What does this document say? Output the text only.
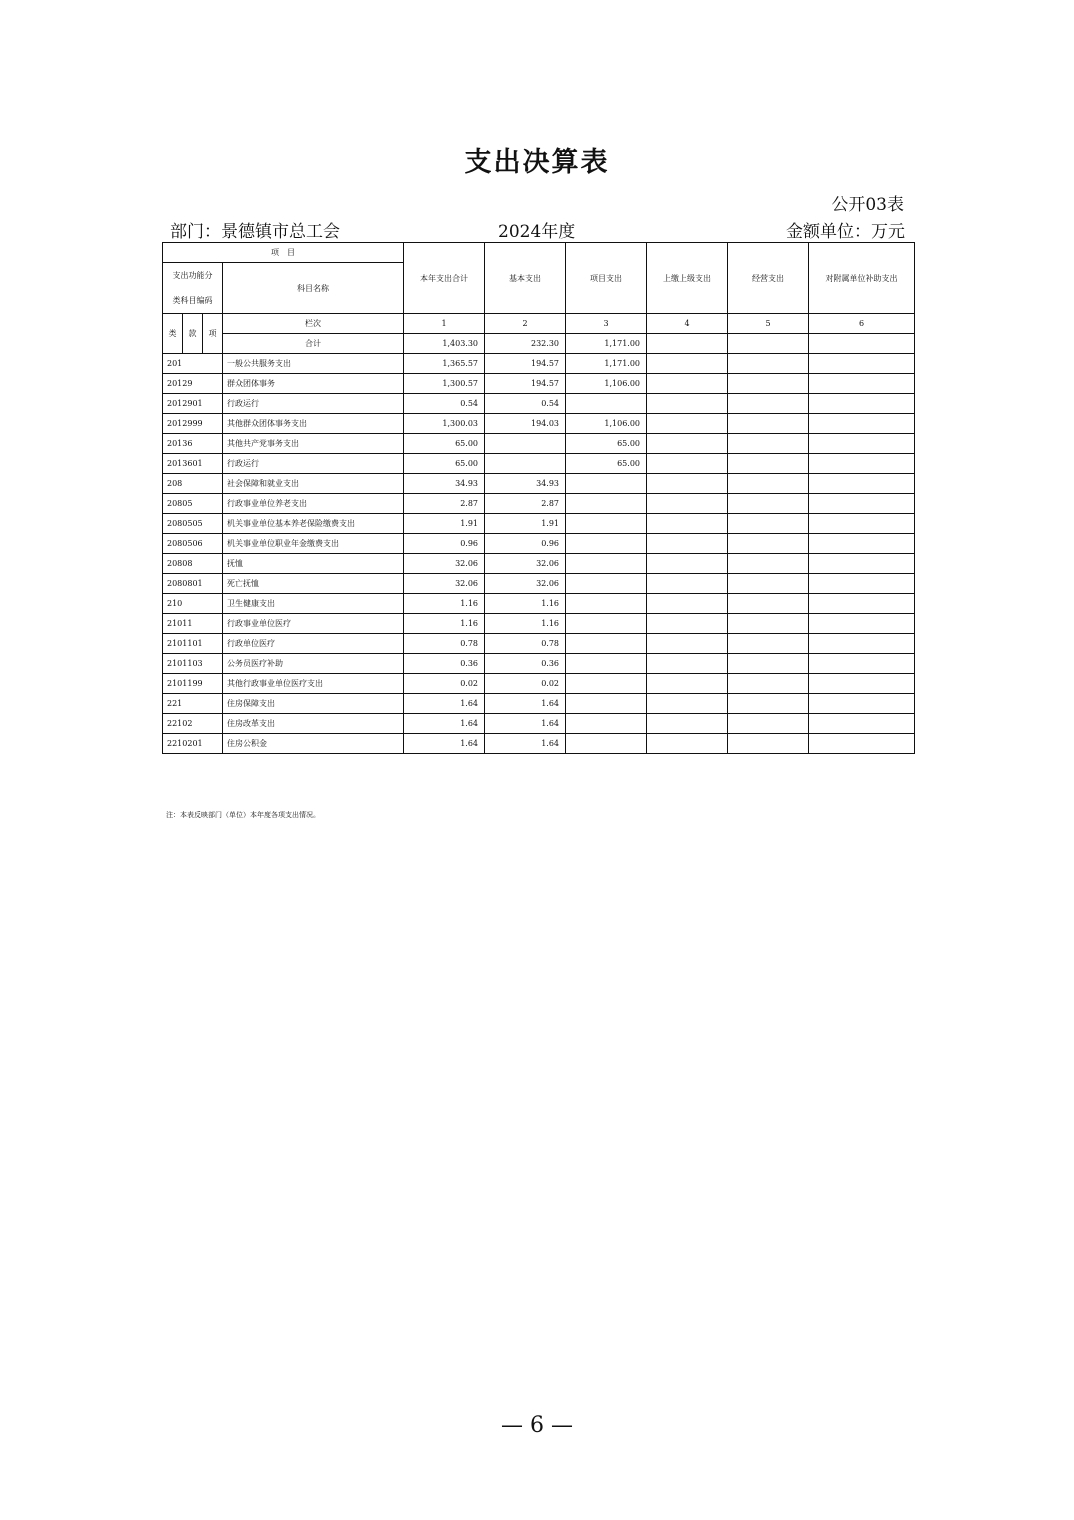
支出决算表
公开03表
部门：景德镇市总工会	2024年度	金额单位：万元
项　目				本年支出合计	基本支出	项目支出	上缴上级支出	经营支出	对附属单位补助支出

支出功能分
类科目编码			科目名称						
类	款	项	栏次	1	2	3	4	5	6
			合计	1,403.30	232.30	1,171.00			
201			一般公共服务支出	1,365.57	194.57	1,171.00			
20129			群众团体事务	1,300.57	194.57	1,106.00			
2012901			行政运行	0.54	0.54				
2012999			其他群众团体事务支出	1,300.03	194.03	1,106.00			
20136			其他共产党事务支出	65.00		65.00			
2013601			行政运行	65.00		65.00			
208			社会保障和就业支出	34.93	34.93				
20805			行政事业单位养老支出	2.87	2.87				
2080505			机关事业单位基本养老保险缴费支出	1.91	1.91				
2080506			机关事业单位职业年金缴费支出	0.96	0.96				
20808			抚恤	32.06	32.06				
2080801			死亡抚恤	32.06	32.06				
210			卫生健康支出	1.16	1.16				
21011			行政事业单位医疗	1.16	1.16				
2101101			行政单位医疗	0.78	0.78				
2101103			公务员医疗补助	0.36	0.36				
2101199			其他行政事业单位医疗支出	0.02	0.02				
221			住房保障支出	1.64	1.64				
22102			住房改革支出	1.64	1.64				
2210201			住房公积金	1.64	1.64				
注：本表反映部门（单位）本年度各项支出情况。
— 6 —
